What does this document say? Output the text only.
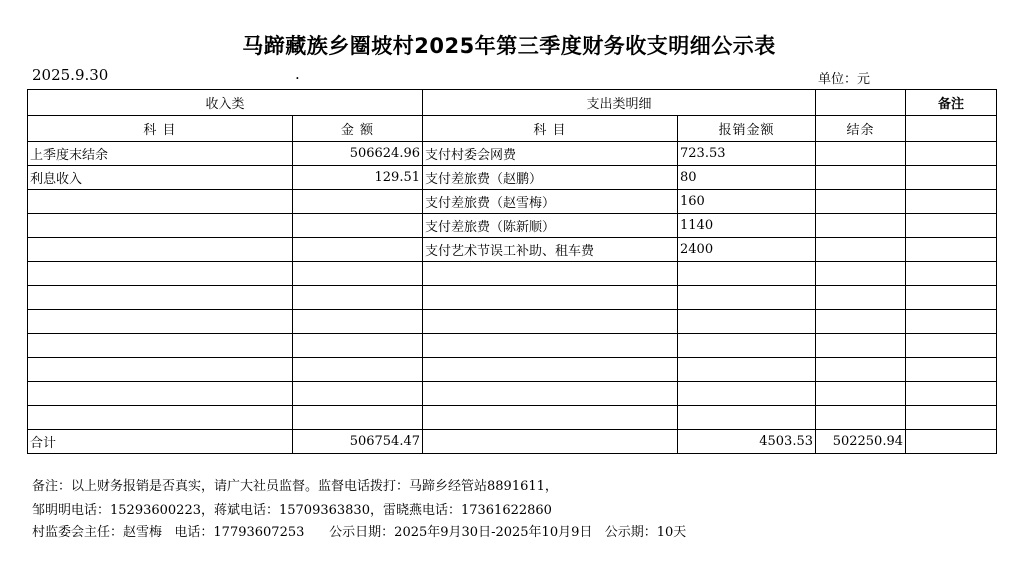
马蹄藏族乡圈坡村2025年第三季度财务收支明细公示表
2025.9.30	.	单位：元
收入类		支出类明细			备注
科 目	金 额	科 目	报销金额	结余	
上季度末结余	506624.96	支付村委会网费	723.53		
利息收入	129.51	支付差旅费（赵鹏）	80		
		支付差旅费（赵雪梅）	160		
		支付差旅费（陈新顺）	1140		
		支付艺术节误工补助、租车费	2400		

合计	506754.47		4503.53	502250.94	
备注：以上财务报销是否真实，请广大社员监督。监督电话拨打：马蹄乡经管站8891611，
邹明明电话：15293600223，蒋斌电话：15709363830，雷晓燕电话：17361622860
村监委会主任：赵雪梅   电话：17793607253      公示日期：2025年9月30日-2025年10月9日   公示期：10天
